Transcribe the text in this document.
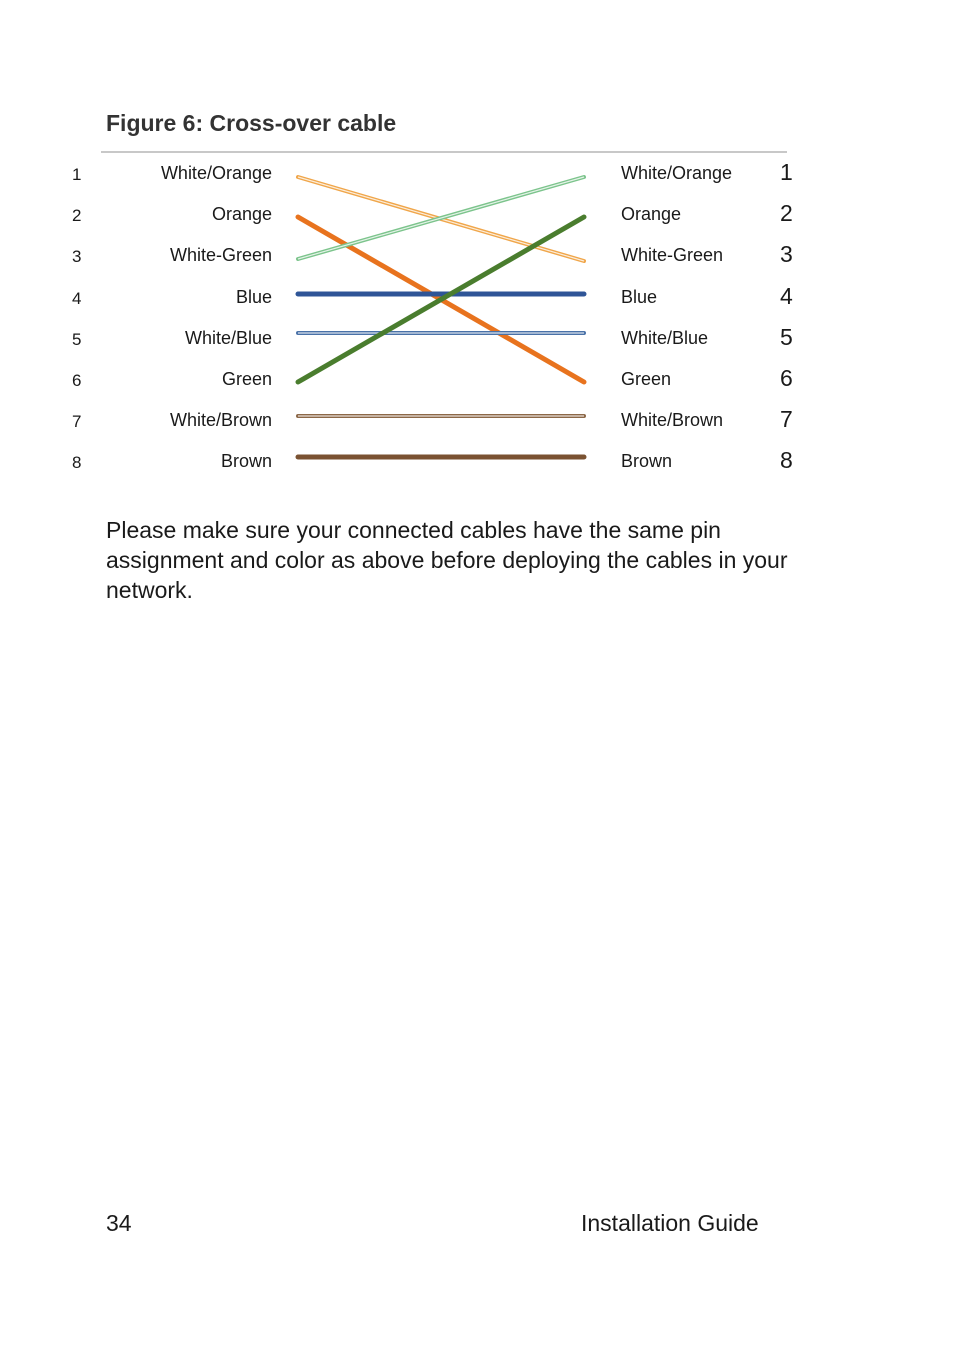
Figure 6: Cross-over cable
1	White/Orange	White/Orange 1
2	Orange	Orange	2
3	White-Green	White-Green 3
4	Blue	Blue	4
5	White/Blue	White/Blue	5
6	Green	Green	6
7	White/Brown	White/Brown 7
8	Brown	Brown	8
Please make sure your connected cables have the same pin assignment and color as above before deploying the cables in your network.
34	Installation Guide
